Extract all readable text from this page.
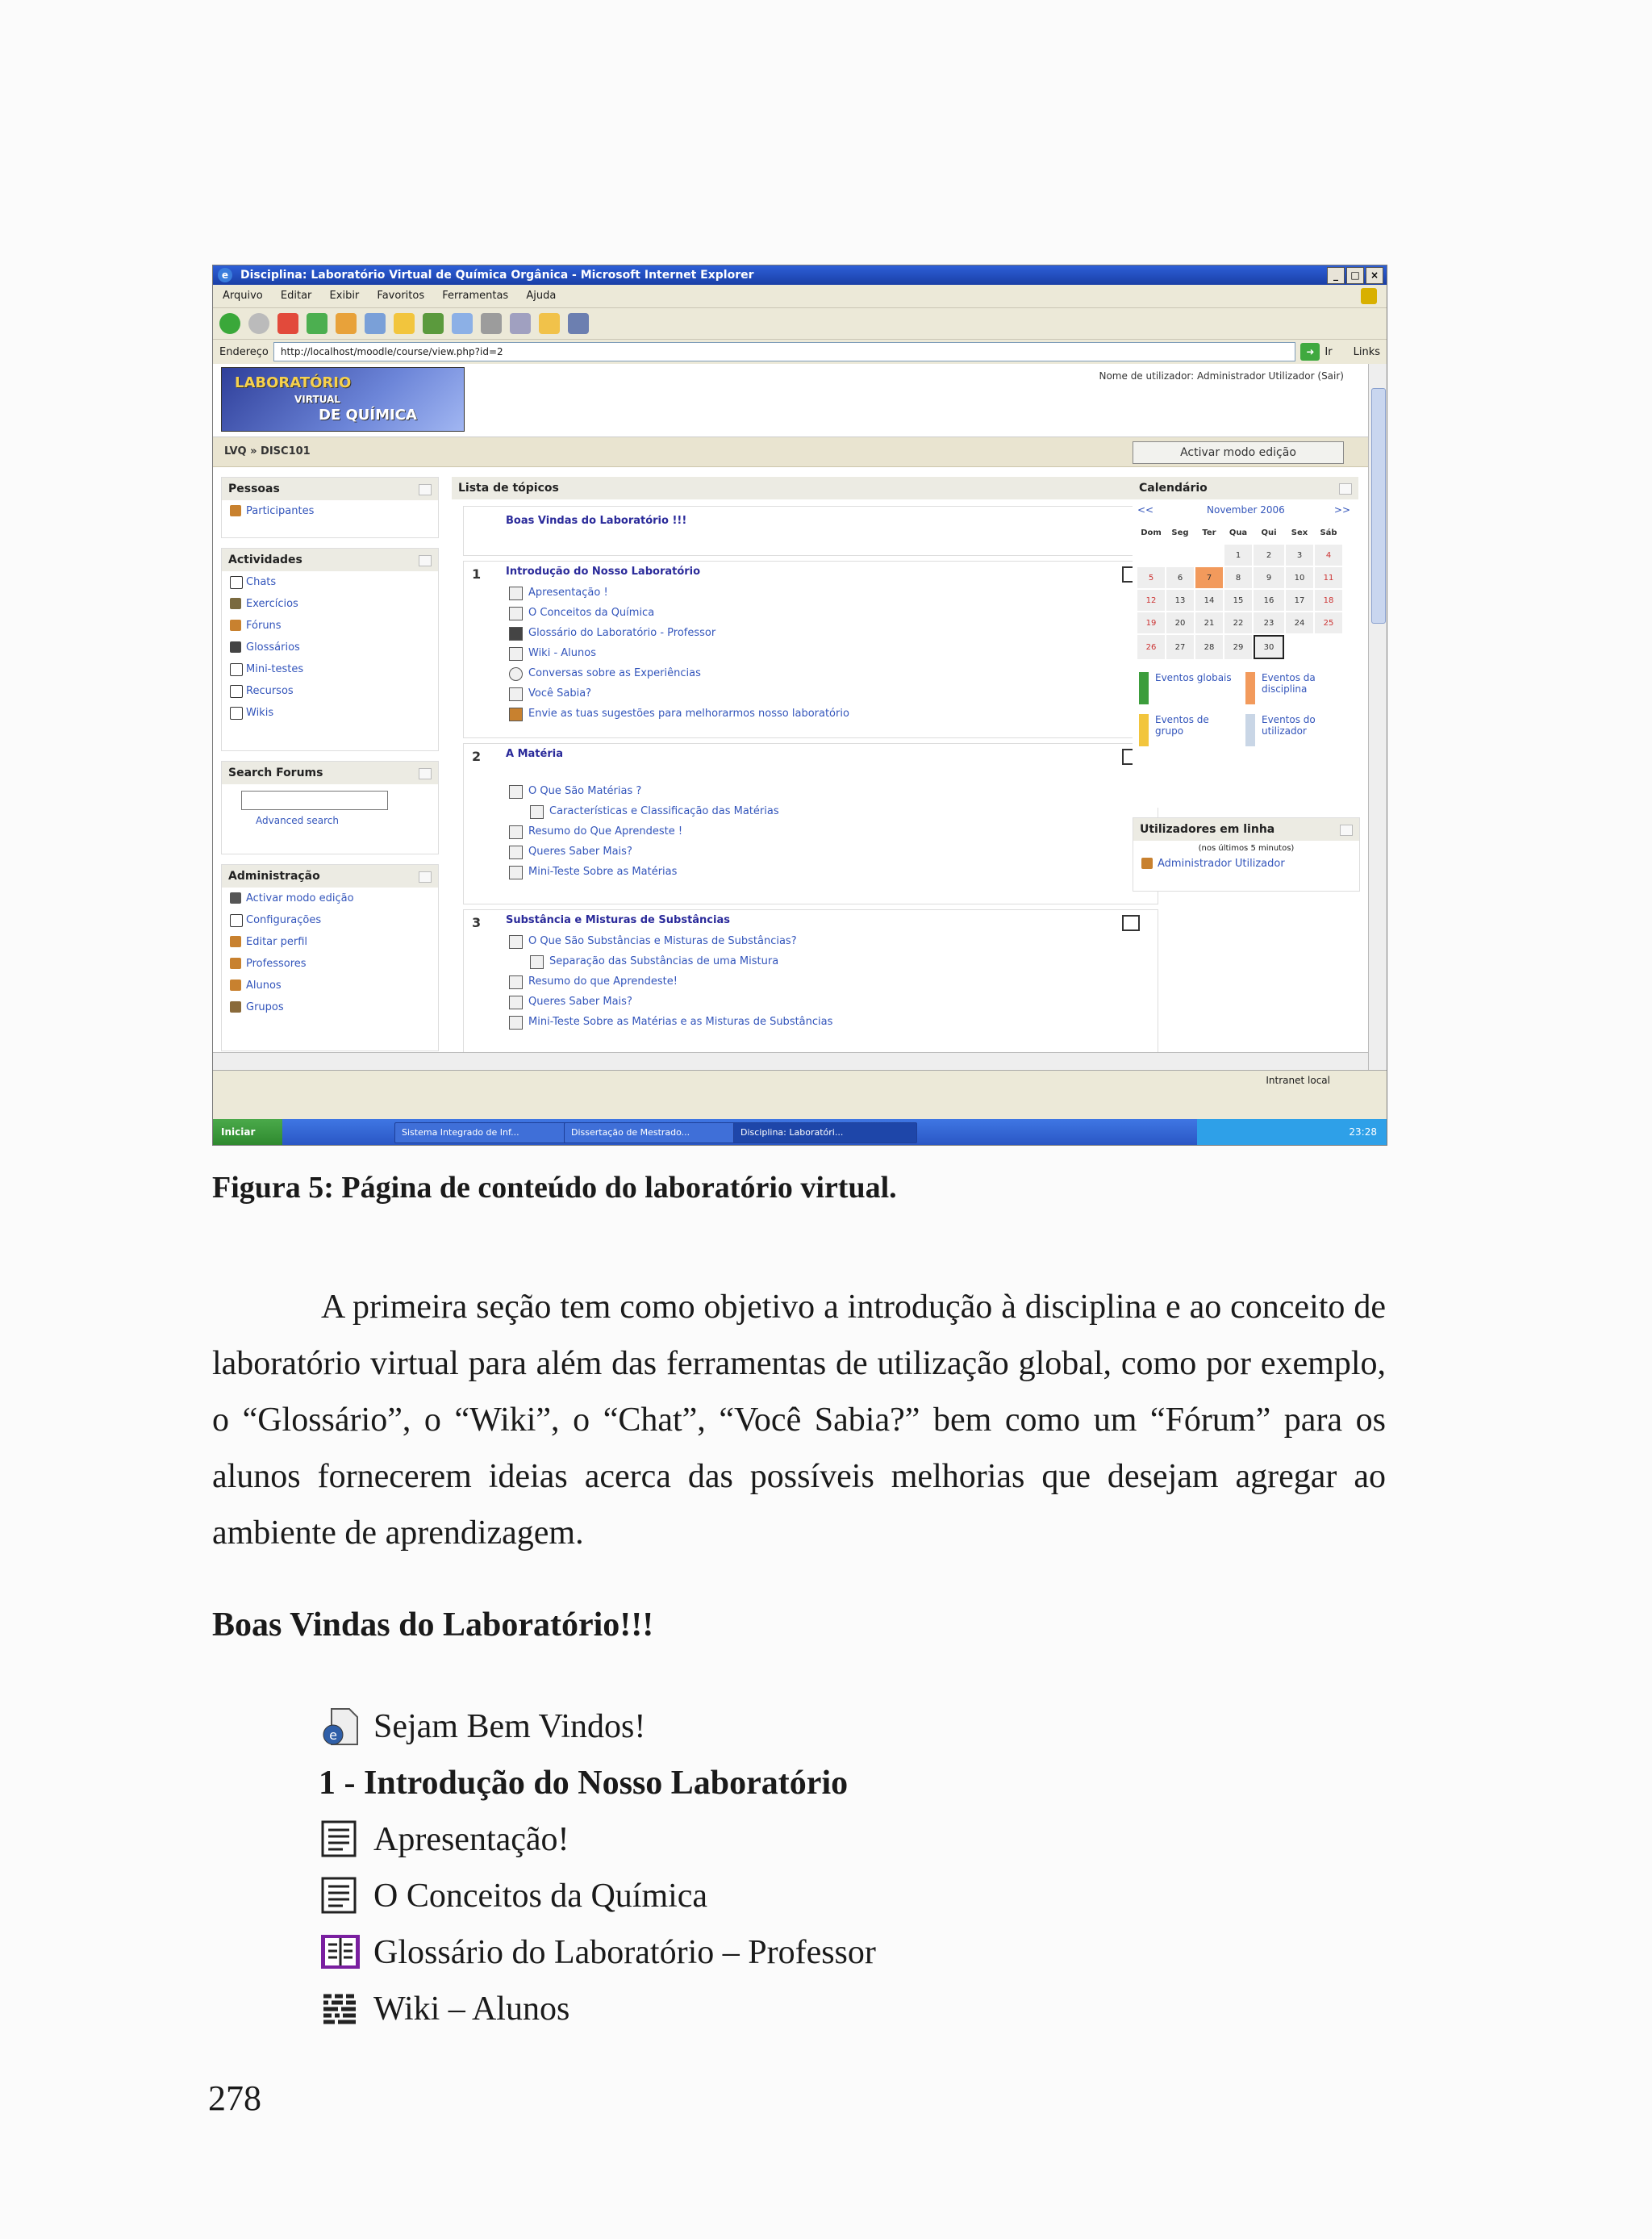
e	Disciplina: Laboratório Virtual de Química Orgânica - Microsoft Internet Explorer	_	□	×
Arquivo Editar Exibir Favoritos Ferramentas Ajuda
Endereço	http://localhost/moodle/course/view.php?id=2	➜ Ir Links
LABORATÓRIO
VIRTUAL
DE QUÍMICA
Nome de utilizador: Administrador Utilizador (Sair)
LVQ » DISC101	Activar modo edição
Pessoas
Participantes
Actividades
Chats
Exercícios
Fóruns
Glossários
Mini-testes
Recursos
Wikis
Search Forums
Advanced search
Administração
Activar modo edição
Configurações
Editar perfil
Professores
Alunos
Grupos
Lista de tópicos
Boas Vindas do Laboratório !!!
1 Introdução do Nosso Laboratório
Apresentação !
O Conceitos da Química
Glossário do Laboratório - Professor
Wiki - Alunos
Conversas sobre as Experiências
Você Sabia?
Envie as tuas sugestões para melhorarmos nosso laboratório
2 A Matéria
O Que São Matérias ?
Características e Classificação das Matérias
Resumo do Que Aprendeste !
Queres Saber Mais?
Mini-Teste Sobre as Matérias
3 Substância e Misturas de Substâncias
O Que São Substâncias e Misturas de Substâncias?
Separação das Substâncias de uma Mistura
Resumo do que Aprendeste!
Queres Saber Mais?
Mini-Teste Sobre as Matérias e as Misturas de Substâncias
Calendário
<<	November 2006	>>
Dom	Seg	Ter	Qua	Qui	Sex	Sáb
			1	2	3	4
5	6	7	8	9	10	11
12	13	14	15	16	17	18
19	20	21	22	23	24	25
26	27	28	29	30		
Eventos globais	Eventos da disciplina
Eventos de grupo
Eventos do utilizador
Utilizadores em linha
(nos últimos 5 minutos)
Administrador Utilizador
Intranet local
Iniciar	Sistema Integrado de Inf...	Dissertação de Mestrado...	Disciplina: Laboratóri...	23:28
Figura 5: Página de conteúdo do laboratório virtual.
A primeira seção tem como objetivo a introdução à disciplina e ao conceito de laboratório virtual para além das ferramentas de utilização global, como por exemplo, o “Glossário”, o “Wiki”, o “Chat”, “Você Sabia?” bem como um “Fórum” para os alunos fornecerem ideias acerca das possíveis melhorias que desejam agregar ao ambiente de aprendizagem.
Boas Vindas do Laboratório!!!
e Sejam Bem Vindos!
1 - Introdução do Nosso Laboratório
Apresentação!
O Conceitos da Química
Glossário do Laboratório – Professor
Wiki – Alunos
278
